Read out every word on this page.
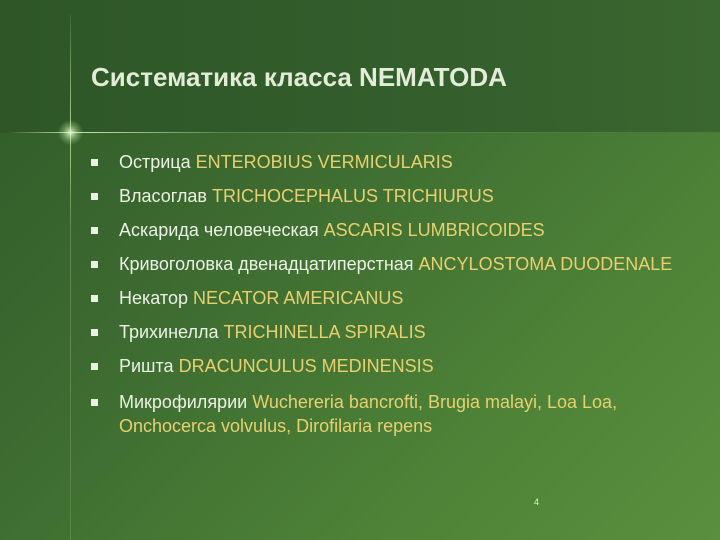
Систематика класса NEMATODA
Острица ENTEROBIUS VERMICULARIS
Власоглав TRICHOCEPHALUS TRICHIURUS
Аскарида человеческая ASCARIS LUMBRICOIDES
Кривоголовка двенадцатиперстная ANCYLOSTOMA DUODENALE
Некатор NECATOR AMERICANUS
Трихинелла TRICHINELLA SPIRALIS
Ришта DRACUNCULUS MEDINENSIS
Микрофилярии Wuchereria bancrofti, Brugia malayi, Loa Loa, Onchocerca volvulus, Dirofilaria repens
4
